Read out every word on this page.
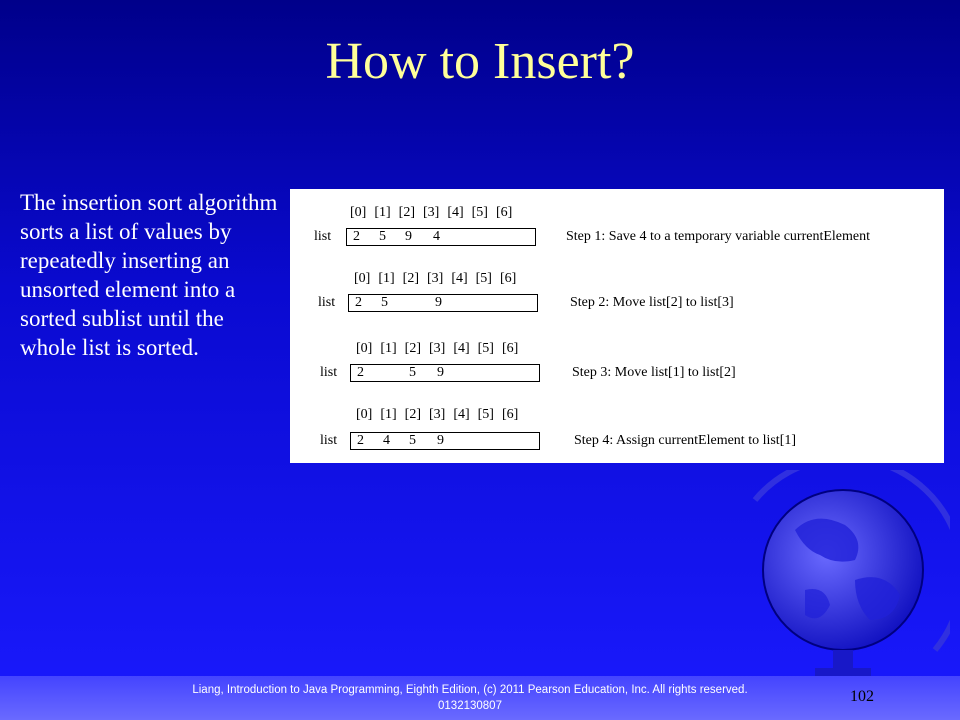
How to Insert?
The insertion sort algorithm sorts a list of values by repeatedly inserting an unsorted element into a sorted sublist until the whole list is sorted.
[0] [1] [2] [3] [4] [5] [6]
list 2 5 9 4	Step 1: Save 4 to a temporary variable currentElement
[0] [1] [2] [3] [4] [5] [6]
list 2 5	9	Step 2: Move list[2] to list[3]
[0] [1] [2] [3] [4] [5] [6]
list 2	5 9	Step 3: Move list[1] to list[2]
[0] [1] [2] [3] [4] [5] [6]
list 2 4 5 9	Step 4: Assign currentElement to list[1]
Liang, Introduction to Java Programming, Eighth Edition, (c) 2011 Pearson Education, Inc. All rights reserved. 0132130807
102
